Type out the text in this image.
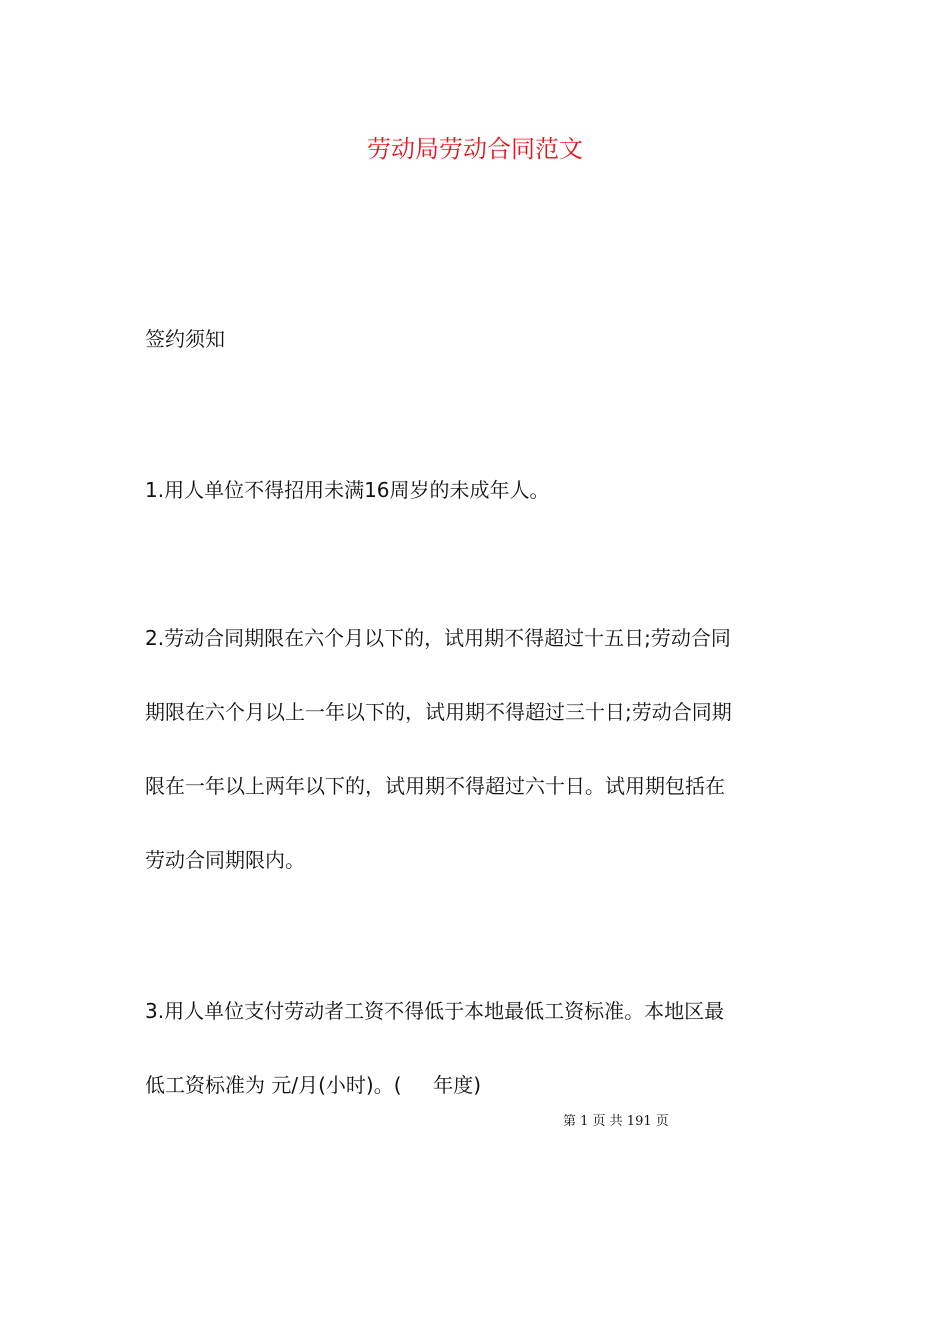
劳动局劳动合同范文
签约须知
1.用人单位不得招用未满16周岁的未成年人。
2.劳动合同期限在六个月以下的，试用期不得超过十五日;劳动合同
期限在六个月以上一年以下的，试用期不得超过三十日;劳动合同期
限在一年以上两年以下的，试用期不得超过六十日。试用期包括在
劳动合同期限内。
3.用人单位支付劳动者工资不得低于本地最低工资标准。本地区最
低工资标准为 元/月(小时)。(     年度)
第 1 页 共 191 页
